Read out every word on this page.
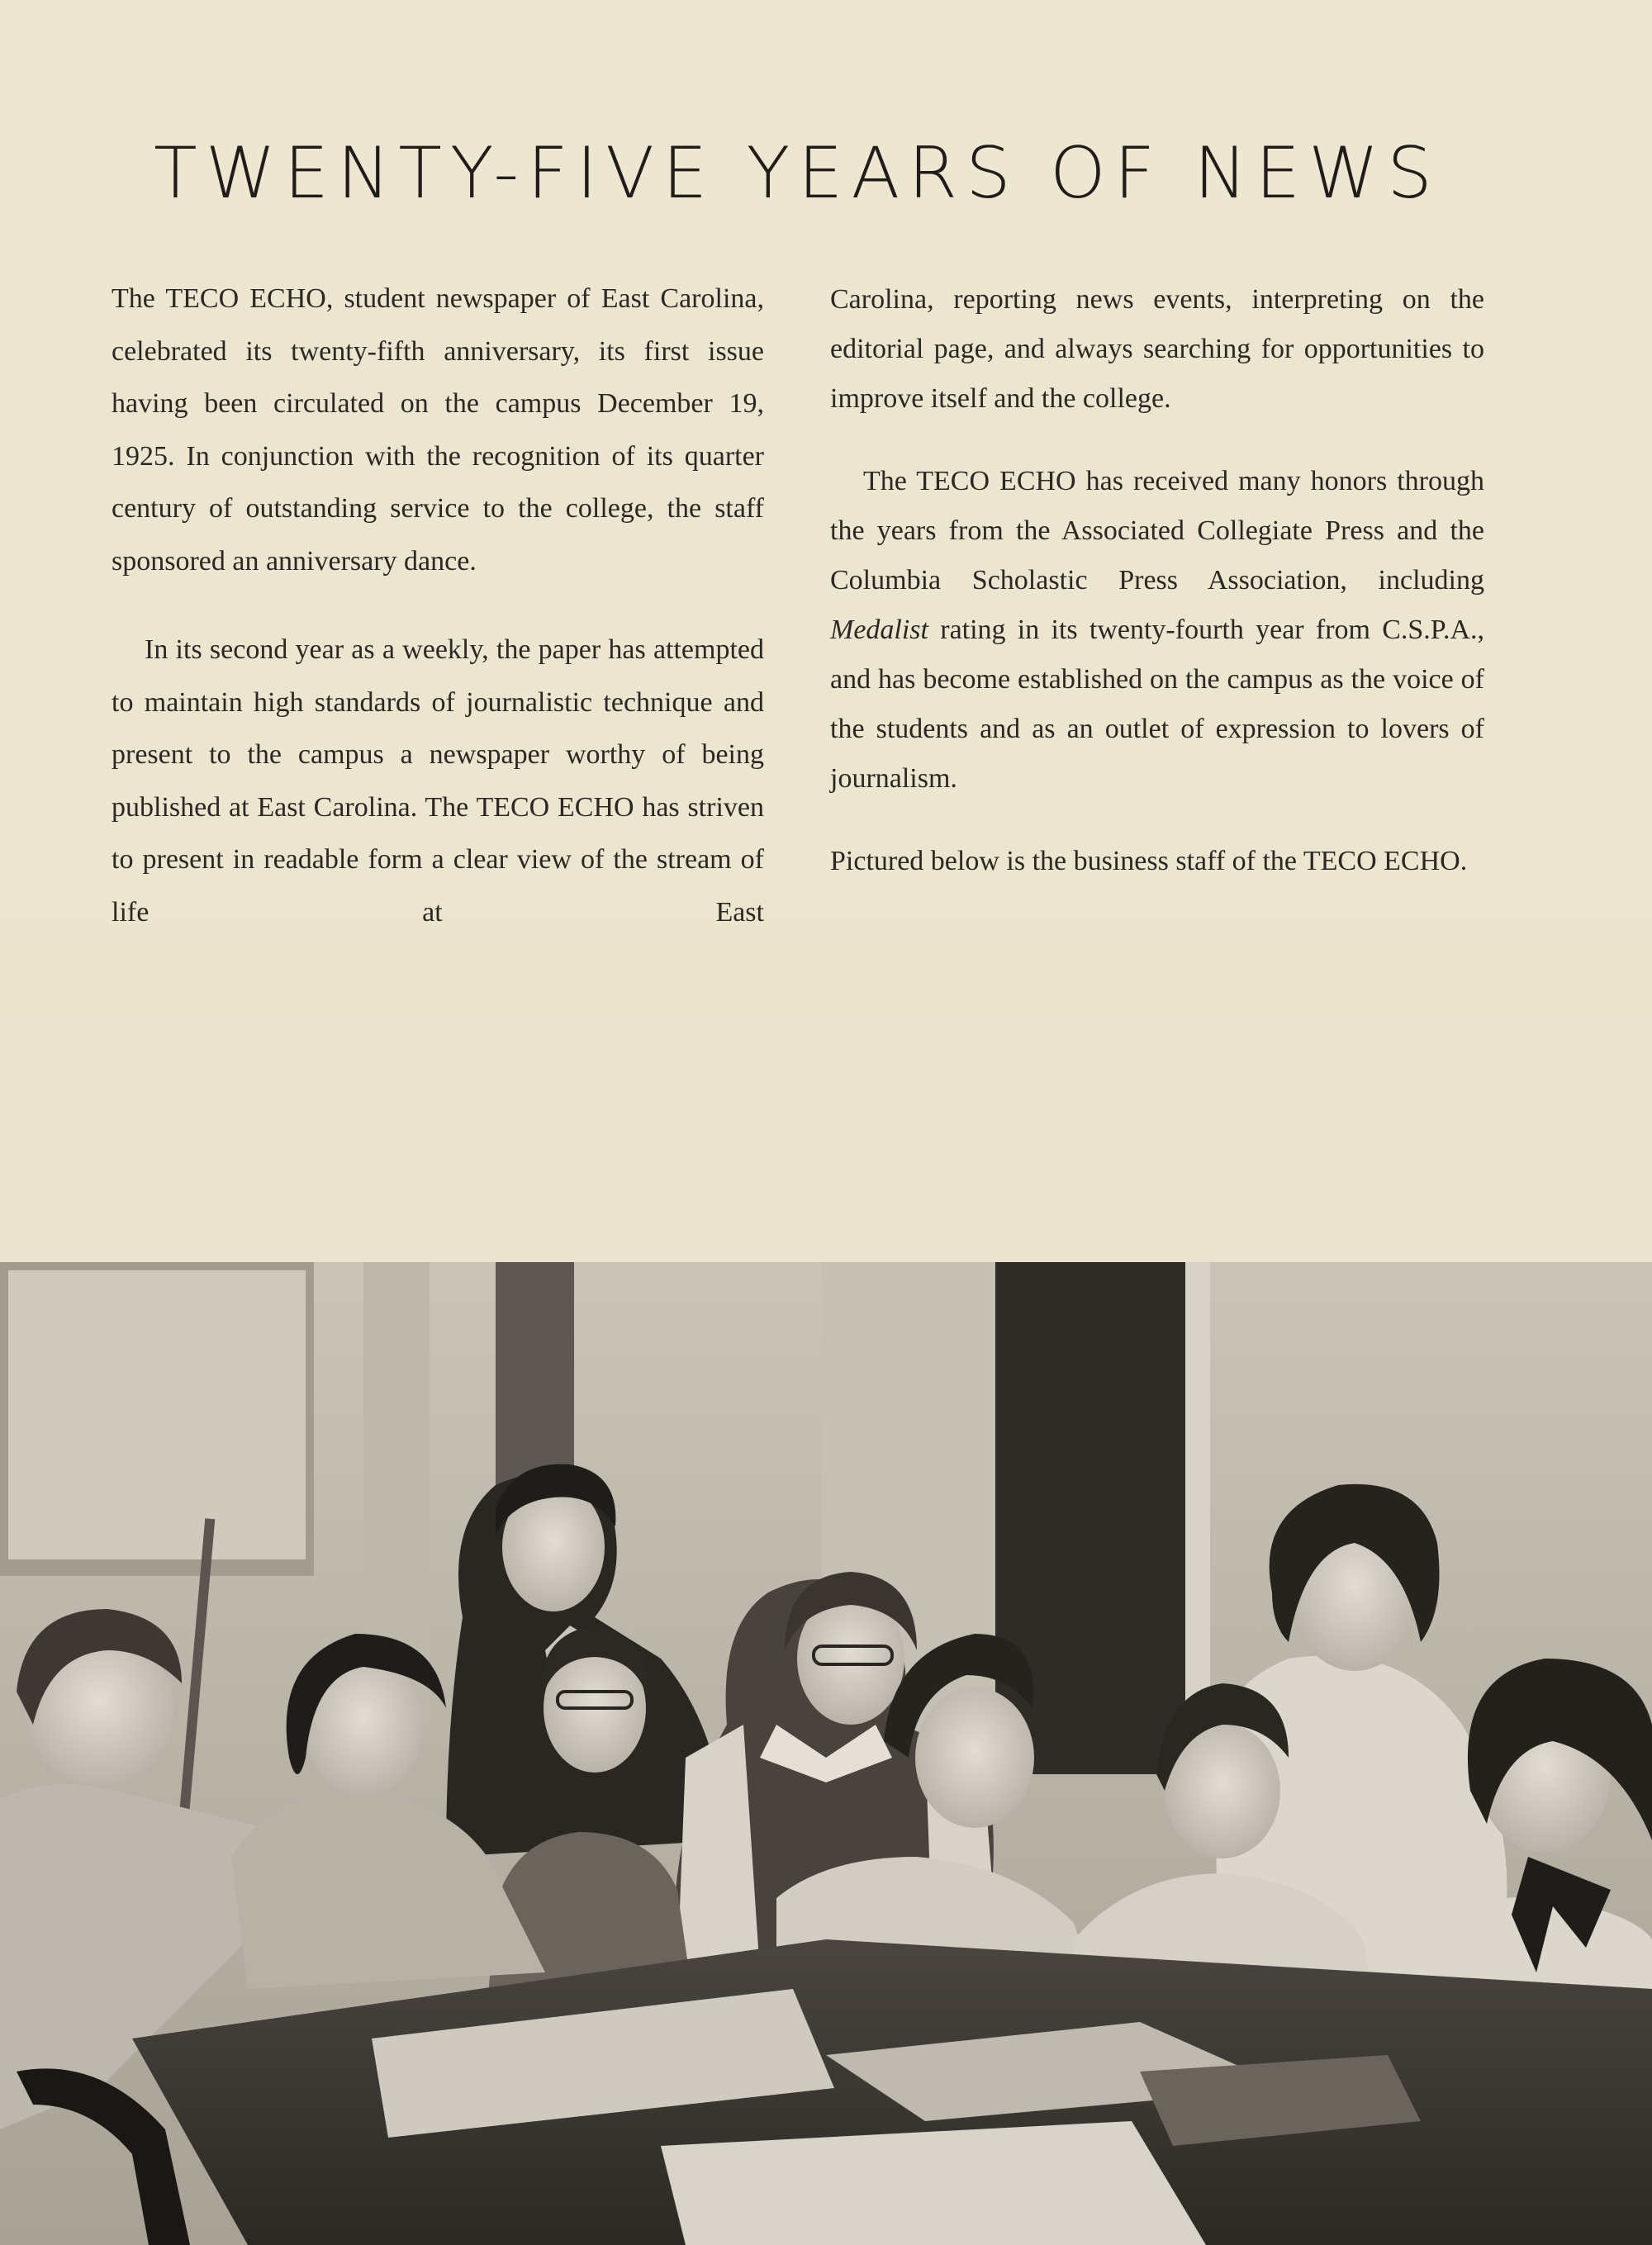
TWENTY-FIVE YEARS OF NEWS

The TECO ECHO, student newspaper of East Carolina, celebrated its twenty-fifth anniversary, its first issue having been circulated on the campus December 19, 1925. In conjunction with the recognition of its quarter century of outstanding service to the college, the staff sponsored an anniversary dance.

In its second year as a weekly, the paper has attempted to maintain high standards of journalistic technique and present to the campus a newspaper worthy of being published at East Carolina. The TECO ECHO has striven to present in readable form a clear view of the stream of life at East

Carolina, reporting news events, interpreting on the editorial page, and always searching for opportunities to improve itself and the college.

The TECO ECHO has received many honors through the years from the Associated Collegiate Press and the Columbia Scholastic Press Association, including Medalist rating in its twenty-fourth year from C.S.P.A., and has become established on the campus as the voice of the students and as an outlet of expression to lovers of journalism.

Pictured below is the business staff of the TECO ECHO.
